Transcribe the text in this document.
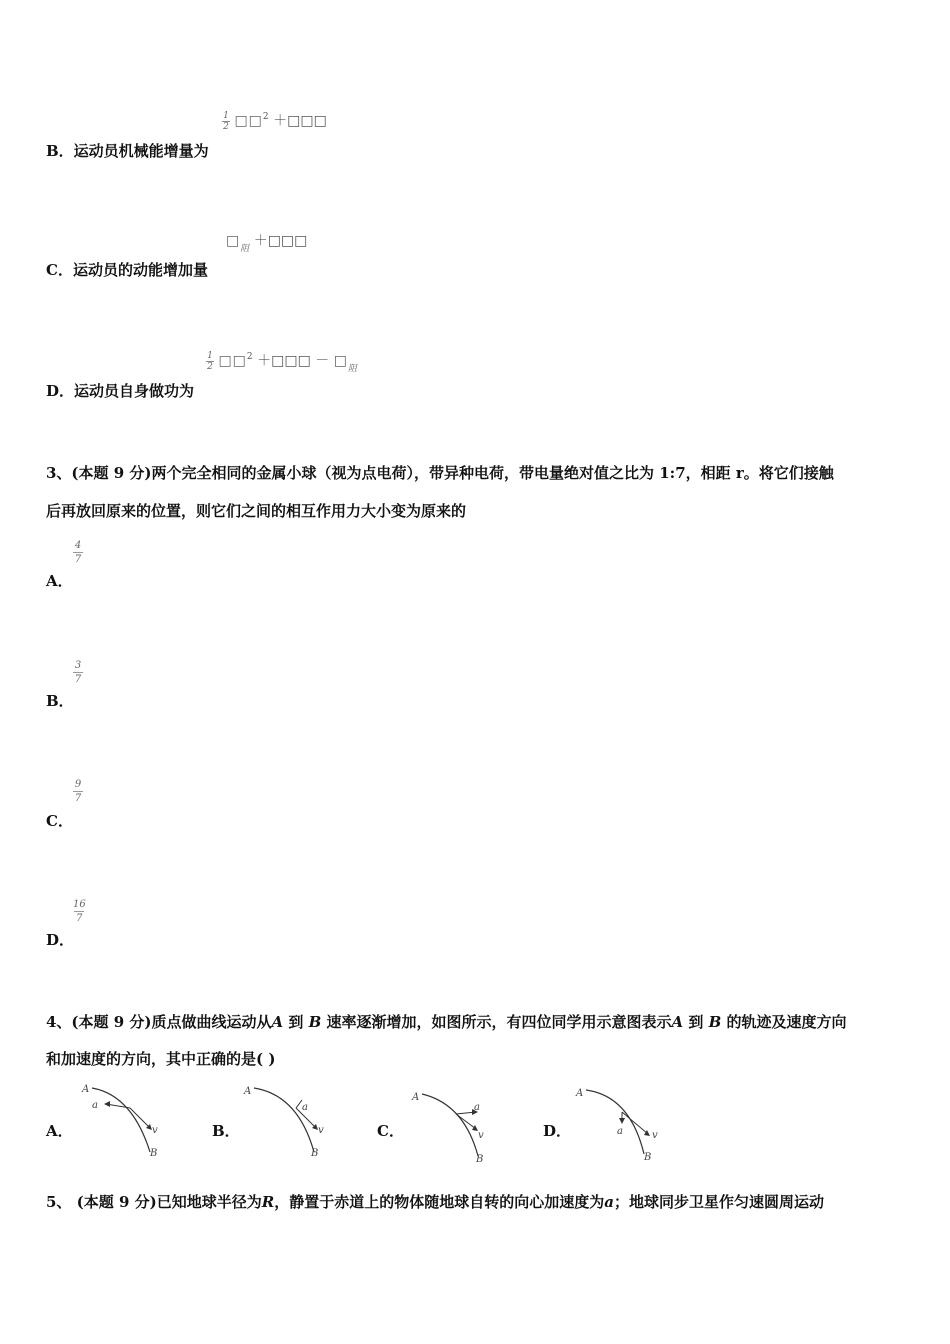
$\frac{1}{2}$ □□$^2$ ＋□□□
B．运动员机械能增量为
$□_阻$ ＋□□□
C．运动员的动能增加量
$\frac{1}{2}$ □□$^2$ ＋□□□ － $□_阻$
D．运动员自身做功为
3、(本题 9 分)两个完全相同的金属小球（视为点电荷），带异种电荷，带电量绝对值之比为 1:7，相距 r。将它们接触
后再放回原来的位置，则它们之间的相互作用力大小变为原来的
4
7
A．
3
7
B．
9
7
C．
16
7
D．
4、(本题 9 分)质点做曲线运动从A 到 B 速率逐渐增加，如图所示，有四位同学用示意图表示A 到 B 的轨迹及速度方向
和加速度的方向，其中正确的是( )
A．
A
a
v
B
B．
A
a
v
B
C．
A
a
v
B
D．
A
a	v
B
5、 (本题 9 分)已知地球半径为R，静置于赤道上的物体随地球自转的向心加速度为a；地球同步卫星作匀速圆周运动
